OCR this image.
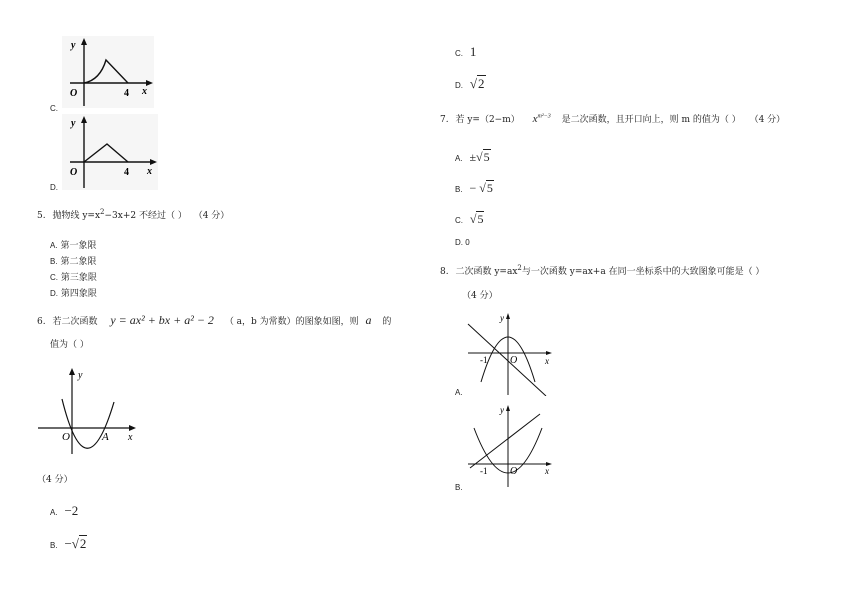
y
x
O	4
C.
y
x
O	4
D.
5. 抛物线 $y=x^2-3x+2$ 不经过（ ） （4 分）
A. 第一象限
B. 第二象限
C. 第三象限
D. 第四象限
6. 若二次函数 y = ax² + bx + a² − 2 （ a，b 为常数）的图象如图，则 a 的
值为（ ）
y
x
O	A
（4 分）
A. −2
B. −√2
C. 1
D. √2
7. 若 y=（2−m） $x^{m^2-3}$ 是二次函数，且开口向上，则 m 的值为（ ） （4 分）
A. ±√5
B. − √5
C. √5
D. 0
8. 二次函数 $y=ax^2$与一次函数 y=ax+a 在同一坐标系中的大致图象可能是（ ）
（4 分）
y
x
-1 O
A.
y
x
-1 O
B.
